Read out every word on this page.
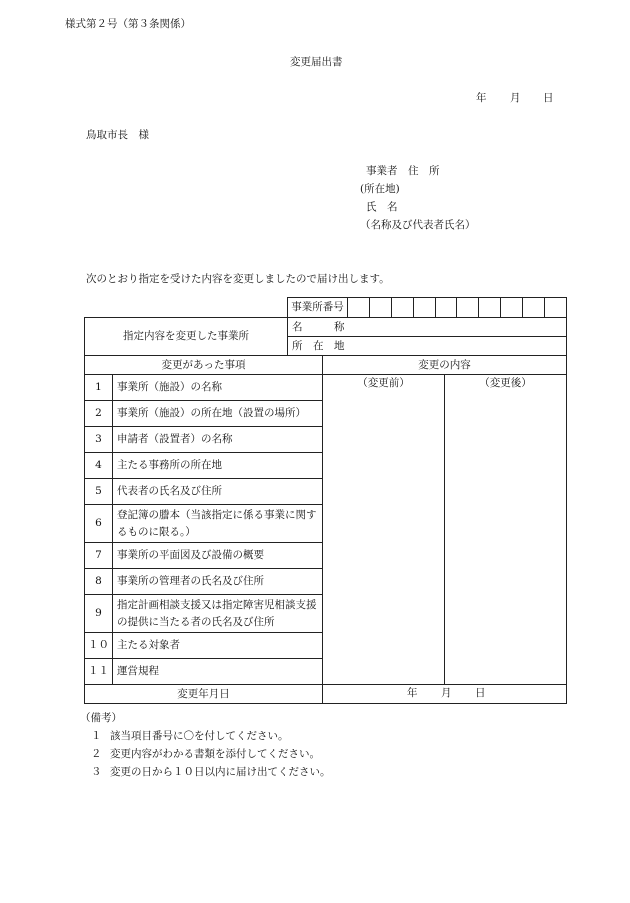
様式第２号（第３条関係）
変更届出書
年 月 日
鳥取市長　様
事業者　住　所
(所在地)
氏　名
（名称及び代表者氏名）
次のとおり指定を受けた内容を変更しましたので届け出します。
事業所番号										
指定内容を変更した事業所	名　　　称	
	所　在　地	
変更があった事項		変更の内容	
1	事業所（施設）の名称	（変更前）	（変更後）
2	事業所（施設）の所在地（設置の場所）		
3	申請者（設置者）の名称		
4	主たる事務所の所在地		
5	代表者の氏名及び住所		
6	登記簿の謄本（当該指定に係る事業に関するものに限る。）		
7	事業所の平面図及び設備の概要		
8	事業所の管理者の氏名及び住所		
9	指定計画相談支援又は指定障害児相談支援の提供に当たる者の氏名及び住所		
１０	主たる対象者		
１１	運営規程		
変更年月日		年 月 日	
（備考）
１ 該当項目番号に〇を付してください。
２ 変更内容がわかる書類を添付してください。
３ 変更の日から１０日以内に届け出てください。
